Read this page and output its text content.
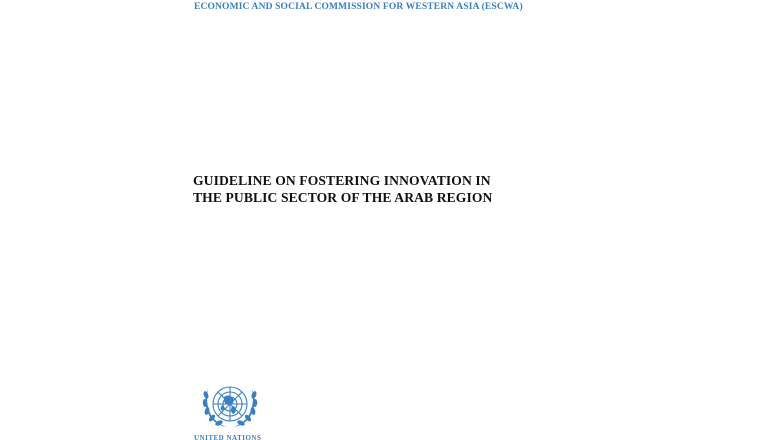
ECONOMIC AND SOCIAL COMMISSION FOR WESTERN ASIA (ESCWA)
GUIDELINE ON FOSTERING INNOVATION IN
THE PUBLIC SECTOR OF THE ARAB REGION
UNITED NATIONS
